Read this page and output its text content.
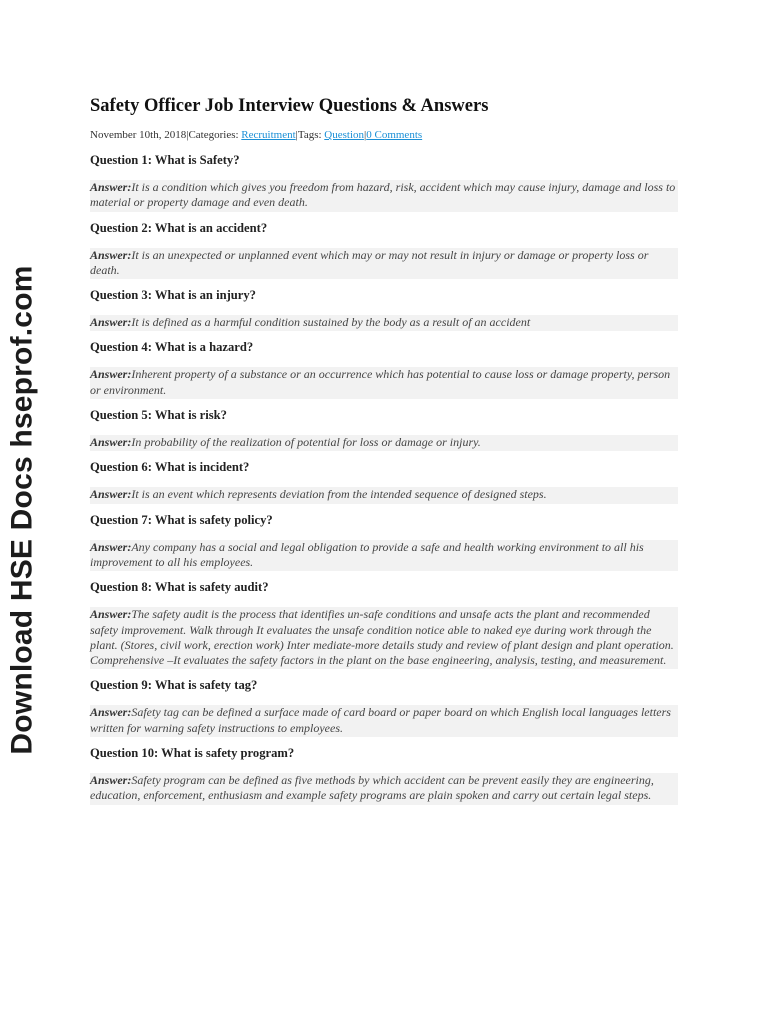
Download HSE Docs hseprof.com
Safety Officer Job Interview Questions & Answers
November 10th, 2018|Categories: Recruitment|Tags: Question|0 Comments
Question 1: What is Safety?
Answer:It is a condition which gives you freedom from hazard, risk, accident which may cause injury, damage and loss to material or property damage and even death.
Question 2: What is an accident?
Answer:It is an unexpected or unplanned event which may or may not result in injury or damage or property loss or death.
Question 3: What is an injury?
Answer:It is defined as a harmful condition sustained by the body as a result of an accident
Question 4: What is a hazard?
Answer:Inherent property of a substance or an occurrence which has potential to cause loss or damage property, person or environment.
Question 5: What is risk?
Answer:In probability of the realization of potential for loss or damage or injury.
Question 6: What is incident?
Answer:It is an event which represents deviation from the intended sequence of designed steps.
Question 7: What is safety policy?
Answer:Any company has a social and legal obligation to provide a safe and health working environment to all his improvement to all his employees.
Question 8: What is safety audit?
Answer:The safety audit is the process that identifies un-safe conditions and unsafe acts the plant and recommended safety improvement. Walk through It evaluates the unsafe condition notice able to naked eye during work through the plant. (Stores, civil work, erection work) Inter mediate-more details study and review of plant design and plant operation. Comprehensive –It evaluates the safety factors in the plant on the base engineering, analysis, testing, and measurement.
Question 9: What is safety tag?
Answer:Safety tag can be defined a surface made of card board or paper board on which English local languages letters written for warning safety instructions to employees.
Question 10: What is safety program?
Answer:Safety program can be defined as five methods by which accident can be prevent easily they are engineering, education, enforcement, enthusiasm and example safety programs are plain spoken and carry out certain legal steps.
